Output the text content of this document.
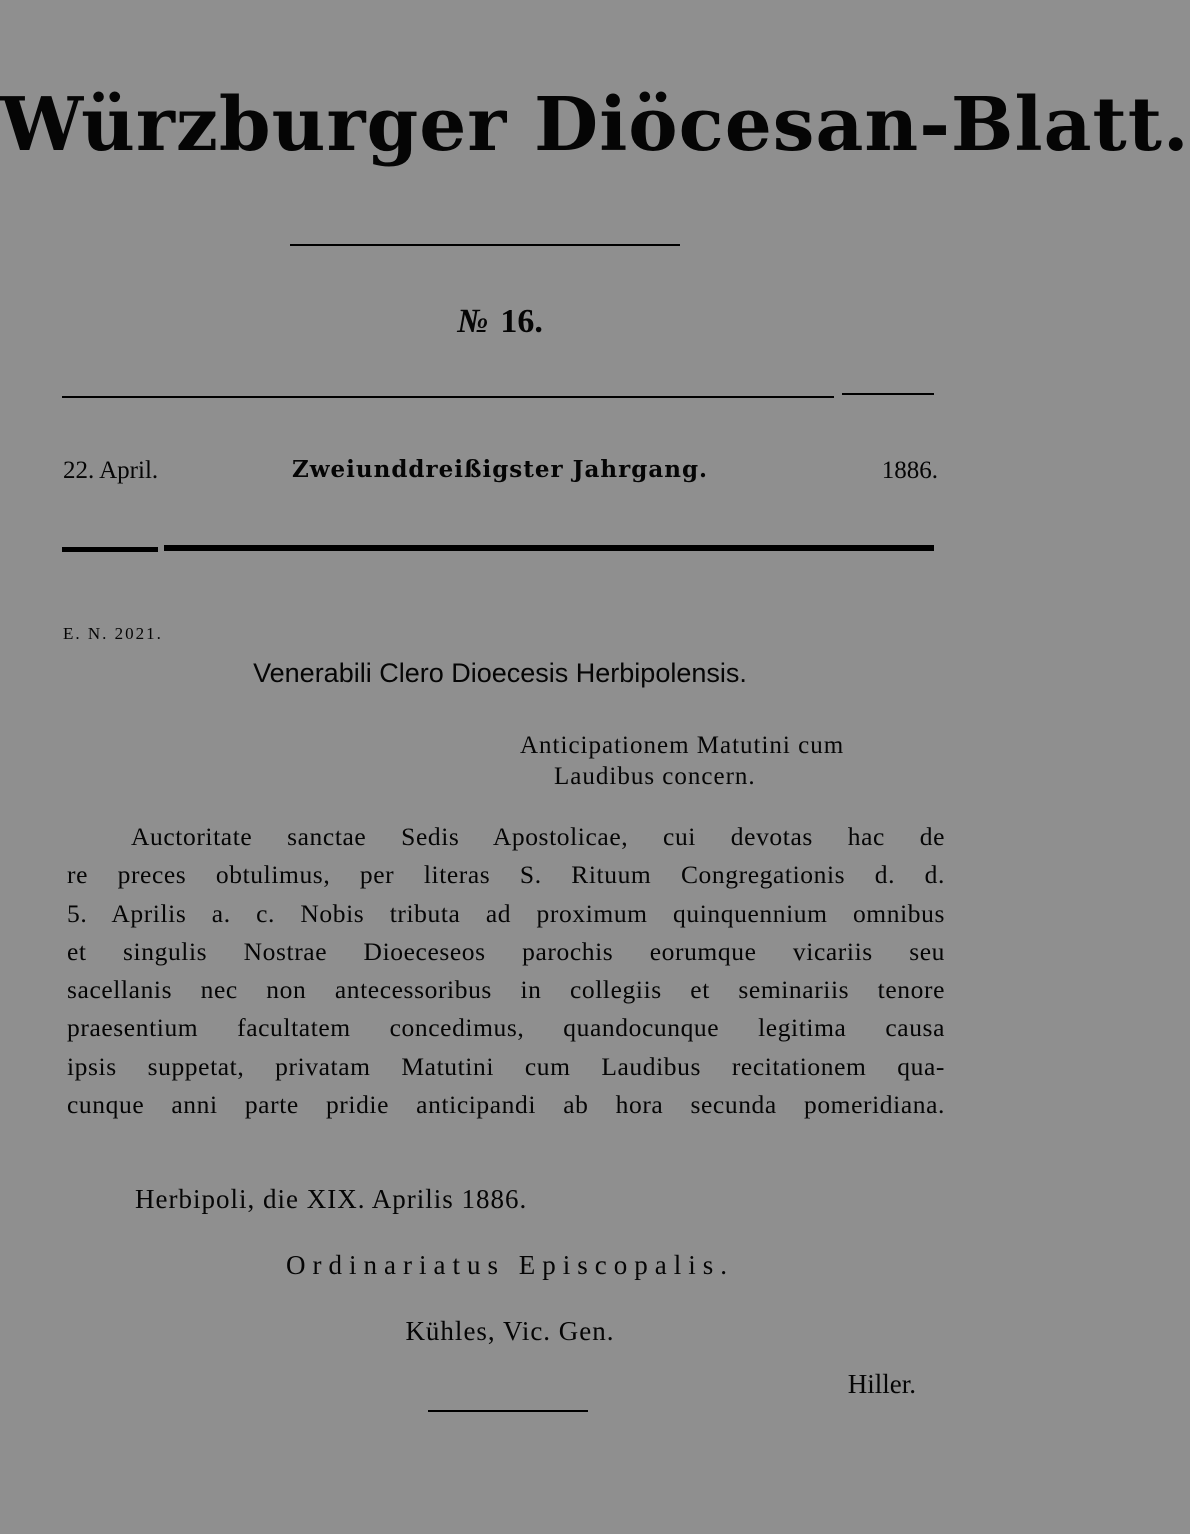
Würzburger Diöcesan-Blatt.
№ 16.
22. April.	Zweiunddreißigster Jahrgang.	1886.
E. N. 2021.
Venerabili Clero Dioecesis Herbipolensis.
Anticipationem Matutini cum
Laudibus concern.
Auctoritate sanctae Sedis Apostolicae, cui devotas hac de
re preces obtulimus, per literas S. Rituum Congregationis d. d.
5. Aprilis a. c. Nobis tributa ad proximum quinquennium omnibus
et singulis Nostrae Dioeceseos parochis eorumque vicariis seu
sacellanis nec non antecessoribus in collegiis et seminariis tenore
praesentium facultatem concedimus, quandocunque legitima causa
ipsis suppetat, privatam Matutini cum Laudibus recitationem qua-
cunque anni parte pridie anticipandi ab hora secunda pomeridiana.
Herbipoli, die XIX. Aprilis 1886.
Ordinariatus Episcopalis.
Kühles, Vic. Gen.
Hiller.
